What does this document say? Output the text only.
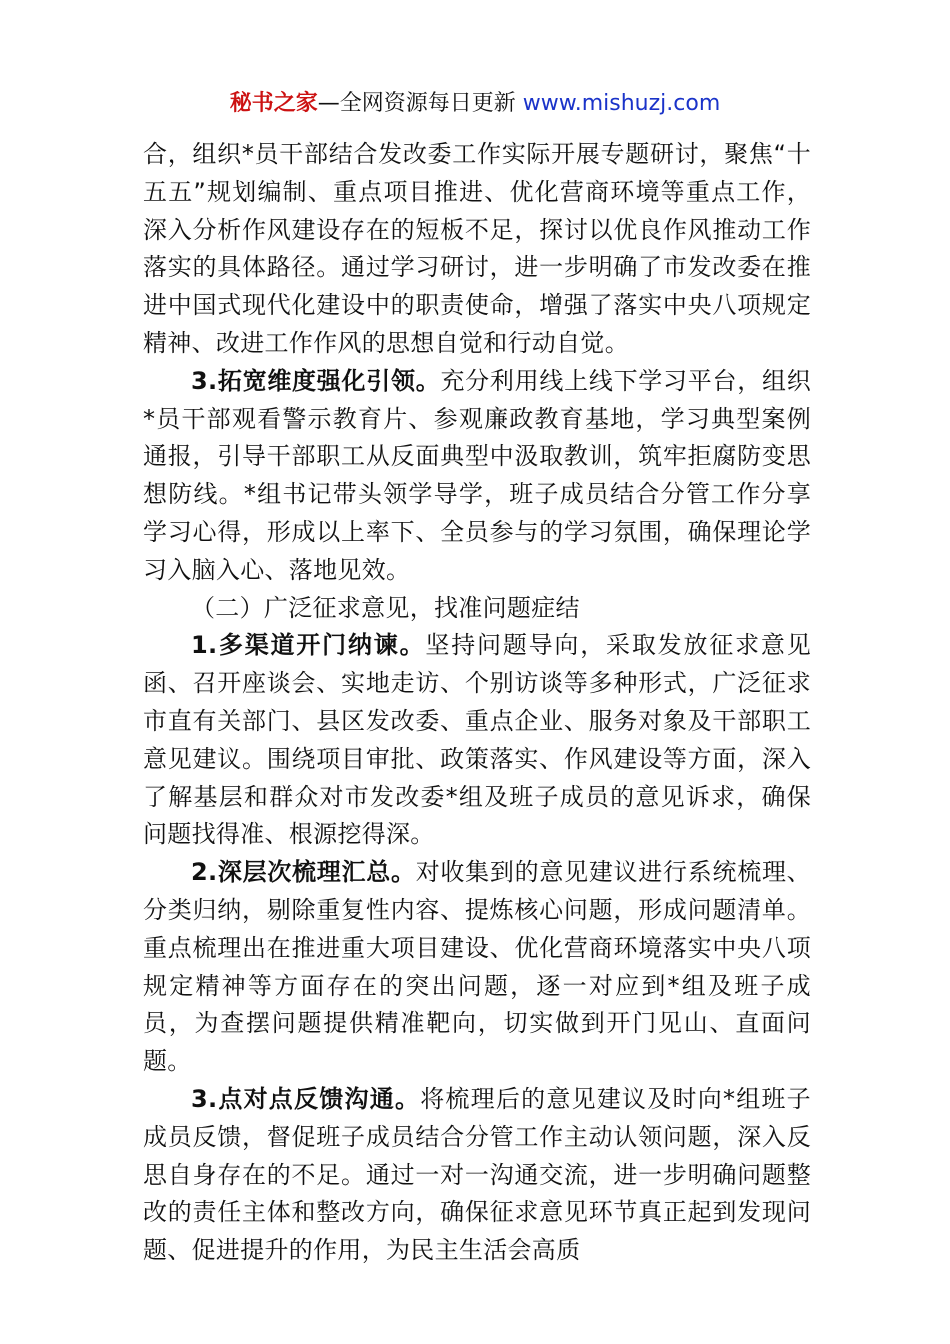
秘书之家—全网资源每日更新 www.mishuzj.com

合，组织*员干部结合发改委工作实际开展专题研讨，聚焦“十五五”规划编制、重点项目推进、优化营商环境等重点工作，深入分析作风建设存在的短板不足，探讨以优良作风推动工作落实的具体路径。通过学习研讨，进一步明确了市发改委在推进中国式现代化建设中的职责使命，增强了落实中央八项规定精神、改进工作作风的思想自觉和行动自觉。

3.拓宽维度强化引领。充分利用线上线下学习平台，组织*员干部观看警示教育片、参观廉政教育基地，学习典型案例通报，引导干部职工从反面典型中汲取教训，筑牢拒腐防变思想防线。*组书记带头领学导学，班子成员结合分管工作分享学习心得，形成以上率下、全员参与的学习氛围，确保理论学习入脑入心、落地见效。

（二）广泛征求意见，找准问题症结

1.多渠道开门纳谏。坚持问题导向，采取发放征求意见函、召开座谈会、实地走访、个别访谈等多种形式，广泛征求市直有关部门、县区发改委、重点企业、服务对象及干部职工意见建议。围绕项目审批、政策落实、作风建设等方面，深入了解基层和群众对市发改委*组及班子成员的意见诉求，确保问题找得准、根源挖得深。

2.深层次梳理汇总。对收集到的意见建议进行系统梳理、分类归纳，剔除重复性内容、提炼核心问题，形成问题清单。重点梳理出在推进重大项目建设、优化营商环境落实中央八项规定精神等方面存在的突出问题，逐一对应到*组及班子成员，为查摆问题提供精准靶向，切实做到开门见山、直面问题。

3.点对点反馈沟通。将梳理后的意见建议及时向*组班子成员反馈，督促班子成员结合分管工作主动认领问题，深入反思自身存在的不足。通过一对一沟通交流，进一步明确问题整改的责任主体和整改方向，确保征求意见环节真正起到发现问题、促进提升的作用，为民主生活会高质
